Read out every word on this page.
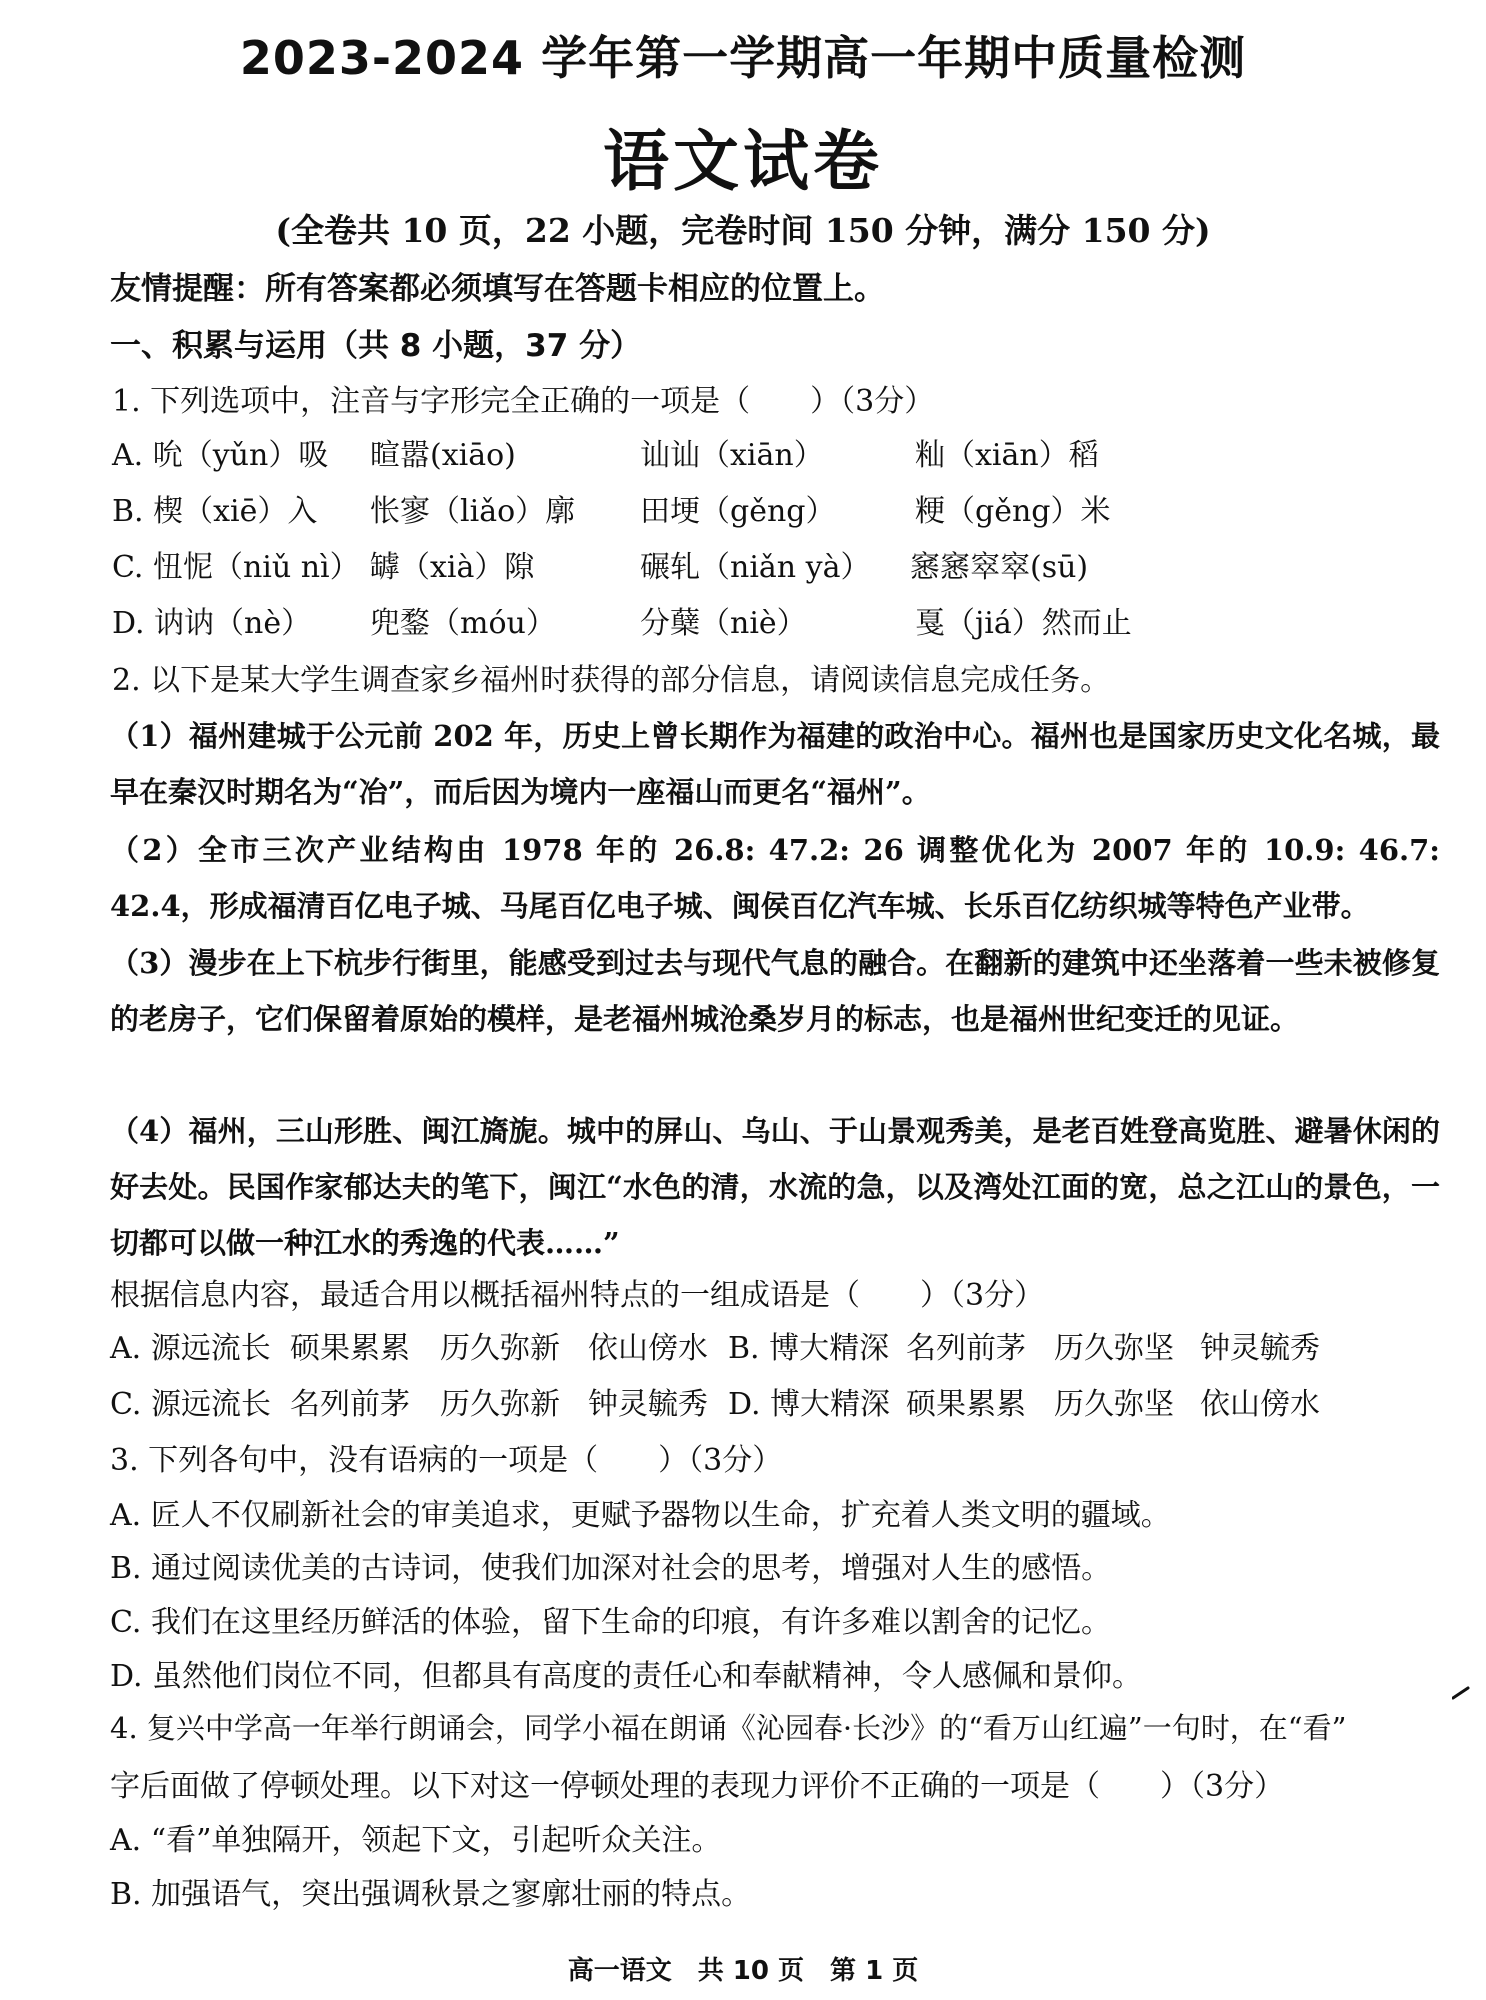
2023-2024 学年第一学期高一年期中质量检测
语文试卷
(全卷共 10 页，22 小题，完卷时间 150 分钟，满分 150 分)
友情提醒：所有答案都必须填写在答题卡相应的位置上。
一、积累与运用（共 8 小题，37 分）
1. 下列选项中，注音与字形完全正确的一项是（　　）（3分）
A. 吮（yǔn）吸 暄嚣(xiāo)	讪讪（xiān）	籼（xiān）稻
B. 楔（xiē）入 怅寥（liǎo）廓 田埂（gěng）	粳（gěng）米
C. 忸怩（niǔ nì） 罅（xià）隙	碾轧（niǎn yà） 窸窸窣窣(sū)
D. 讷讷（nè） 兜鍪（móu）	分蘖（niè）	戛（jiá）然而止
2. 以下是某大学生调查家乡福州时获得的部分信息，请阅读信息完成任务。
（1）福州建城于公元前 202 年，历史上曾长期作为福建的政治中心。福州也是国家历史文化名城，最早在秦汉时期名为“冶”，而后因为境内一座福山而更名“福州”。
（2）全市三次产业结构由 1978 年的 26.8: 47.2: 26 调整优化为 2007 年的 10.9: 46.7: 42.4，形成福清百亿电子城、马尾百亿电子城、闽侯百亿汽车城、长乐百亿纺织城等特色产业带。
（3）漫步在上下杭步行街里，能感受到过去与现代气息的融合。在翻新的建筑中还坐落着一些未被修复的老房子，它们保留着原始的模样，是老福州城沧桑岁月的标志，也是福州世纪变迁的见证。
（4）福州，三山形胜、闽江旖旎。城中的屏山、乌山、于山景观秀美，是老百姓登高览胜、避暑休闲的好去处。民国作家郁达夫的笔下，闽江“水色的清，水流的急，以及湾处江面的宽，总之江山的景色，一切都可以做一种江水的秀逸的代表……”
根据信息内容，最适合用以概括福州特点的一组成语是（　　）（3分）
A. 源远流长 硕果累累 历久弥新 依山傍水 B. 博大精深 名列前茅 历久弥坚 钟灵毓秀
C. 源远流长 名列前茅 历久弥新 钟灵毓秀 D. 博大精深 硕果累累 历久弥坚 依山傍水
3. 下列各句中，没有语病的一项是（　　）（3分）
A. 匠人不仅刷新社会的审美追求，更赋予器物以生命，扩充着人类文明的疆域。
B. 通过阅读优美的古诗词，使我们加深对社会的思考，增强对人生的感悟。
C. 我们在这里经历鲜活的体验，留下生命的印痕，有许多难以割舍的记忆。
D. 虽然他们岗位不同，但都具有高度的责任心和奉献精神，令人感佩和景仰。
4. 复兴中学高一年举行朗诵会，同学小福在朗诵《沁园春·长沙》的“看万山红遍”一句时，在“看”
字后面做了停顿处理。以下对这一停顿处理的表现力评价不正确的一项是（　　）（3分）
A. “看”单独隔开，领起下文，引起听众关注。
B. 加强语气，突出强调秋景之寥廓壮丽的特点。
高一语文　共 10 页　第 1 页
